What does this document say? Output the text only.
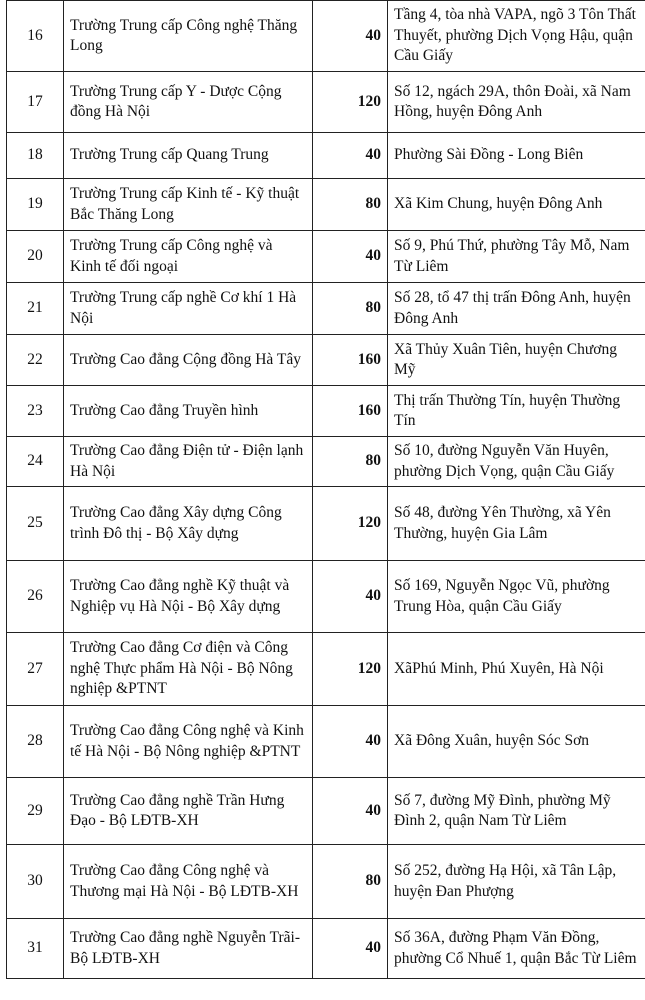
16	Trường Trung cấp Công nghệ Thăng Long	40	Tầng 4, tòa nhà VAPA, ngõ 3 Tôn Thất Thuyết, phường Dịch Vọng Hậu, quận Cầu Giấy
17	Trường Trung cấp Y - Dược Cộng đồng Hà Nội	120	Số 12, ngách 29A, thôn Đoài, xã Nam Hồng, huyện Đông Anh
18	Trường Trung cấp Quang Trung	40	Phường Sài Đồng - Long Biên
19	Trường Trung cấp Kinh tế - Kỹ thuật Bắc Thăng Long	80	Xã Kim Chung, huyện Đông Anh
20	Trường Trung cấp Công nghệ và Kinh tế đối ngoại	40	Số 9, Phú Thứ, phường Tây Mỗ, Nam Từ Liêm
21	Trường Trung cấp nghề Cơ khí 1 Hà Nội	80	Số 28, tổ 47 thị trấn Đông Anh, huyện Đông Anh
22	Trường Cao đẳng Cộng đồng Hà Tây	160	Xã Thủy Xuân Tiên, huyện Chương Mỹ
23	Trường Cao đẳng Truyền hình	160	Thị trấn Thường Tín, huyện Thường Tín
24	Trường Cao đẳng Điện tử - Điện lạnh Hà Nội	80	Số 10, đường Nguyễn Văn Huyên, phường Dịch Vọng, quận Cầu Giấy
25	Trường Cao đẳng Xây dựng Công trình Đô thị - Bộ Xây dựng	120	Số 48, đường Yên Thường, xã Yên Thường, huyện Gia Lâm
26	Trường Cao đẳng nghề Kỹ thuật và Nghiệp vụ Hà Nội - Bộ Xây dựng	40	Số 169, Nguyễn Ngọc Vũ, phường Trung Hòa, quận Cầu Giấy
27	Trường Cao đẳng Cơ điện và Công nghệ Thực phẩm Hà Nội - Bộ Nông nghiệp &PTNT	120	XãPhú Minh, Phú Xuyên, Hà Nội
28	Trường Cao đẳng Công nghệ và Kinh tế Hà Nội - Bộ Nông nghiệp &PTNT	40	Xã Đông Xuân, huyện Sóc Sơn
29	Trường Cao đẳng nghề Trần Hưng Đạo - Bộ LĐTB-XH	40	Số 7, đường Mỹ Đình, phường Mỹ Đình 2, quận Nam Từ Liêm
30	Trường Cao đẳng Công nghệ và Thương mại Hà Nội - Bộ LĐTB-XH	80	Số 252, đường Hạ Hội, xã Tân Lập, huyện Đan Phượng
31	Trường Cao đẳng nghề Nguyễn Trãi- Bộ LĐTB-XH	40	Số 36A, đường Phạm Văn Đồng, phường Cổ Nhuế 1, quận Bắc Từ Liêm
